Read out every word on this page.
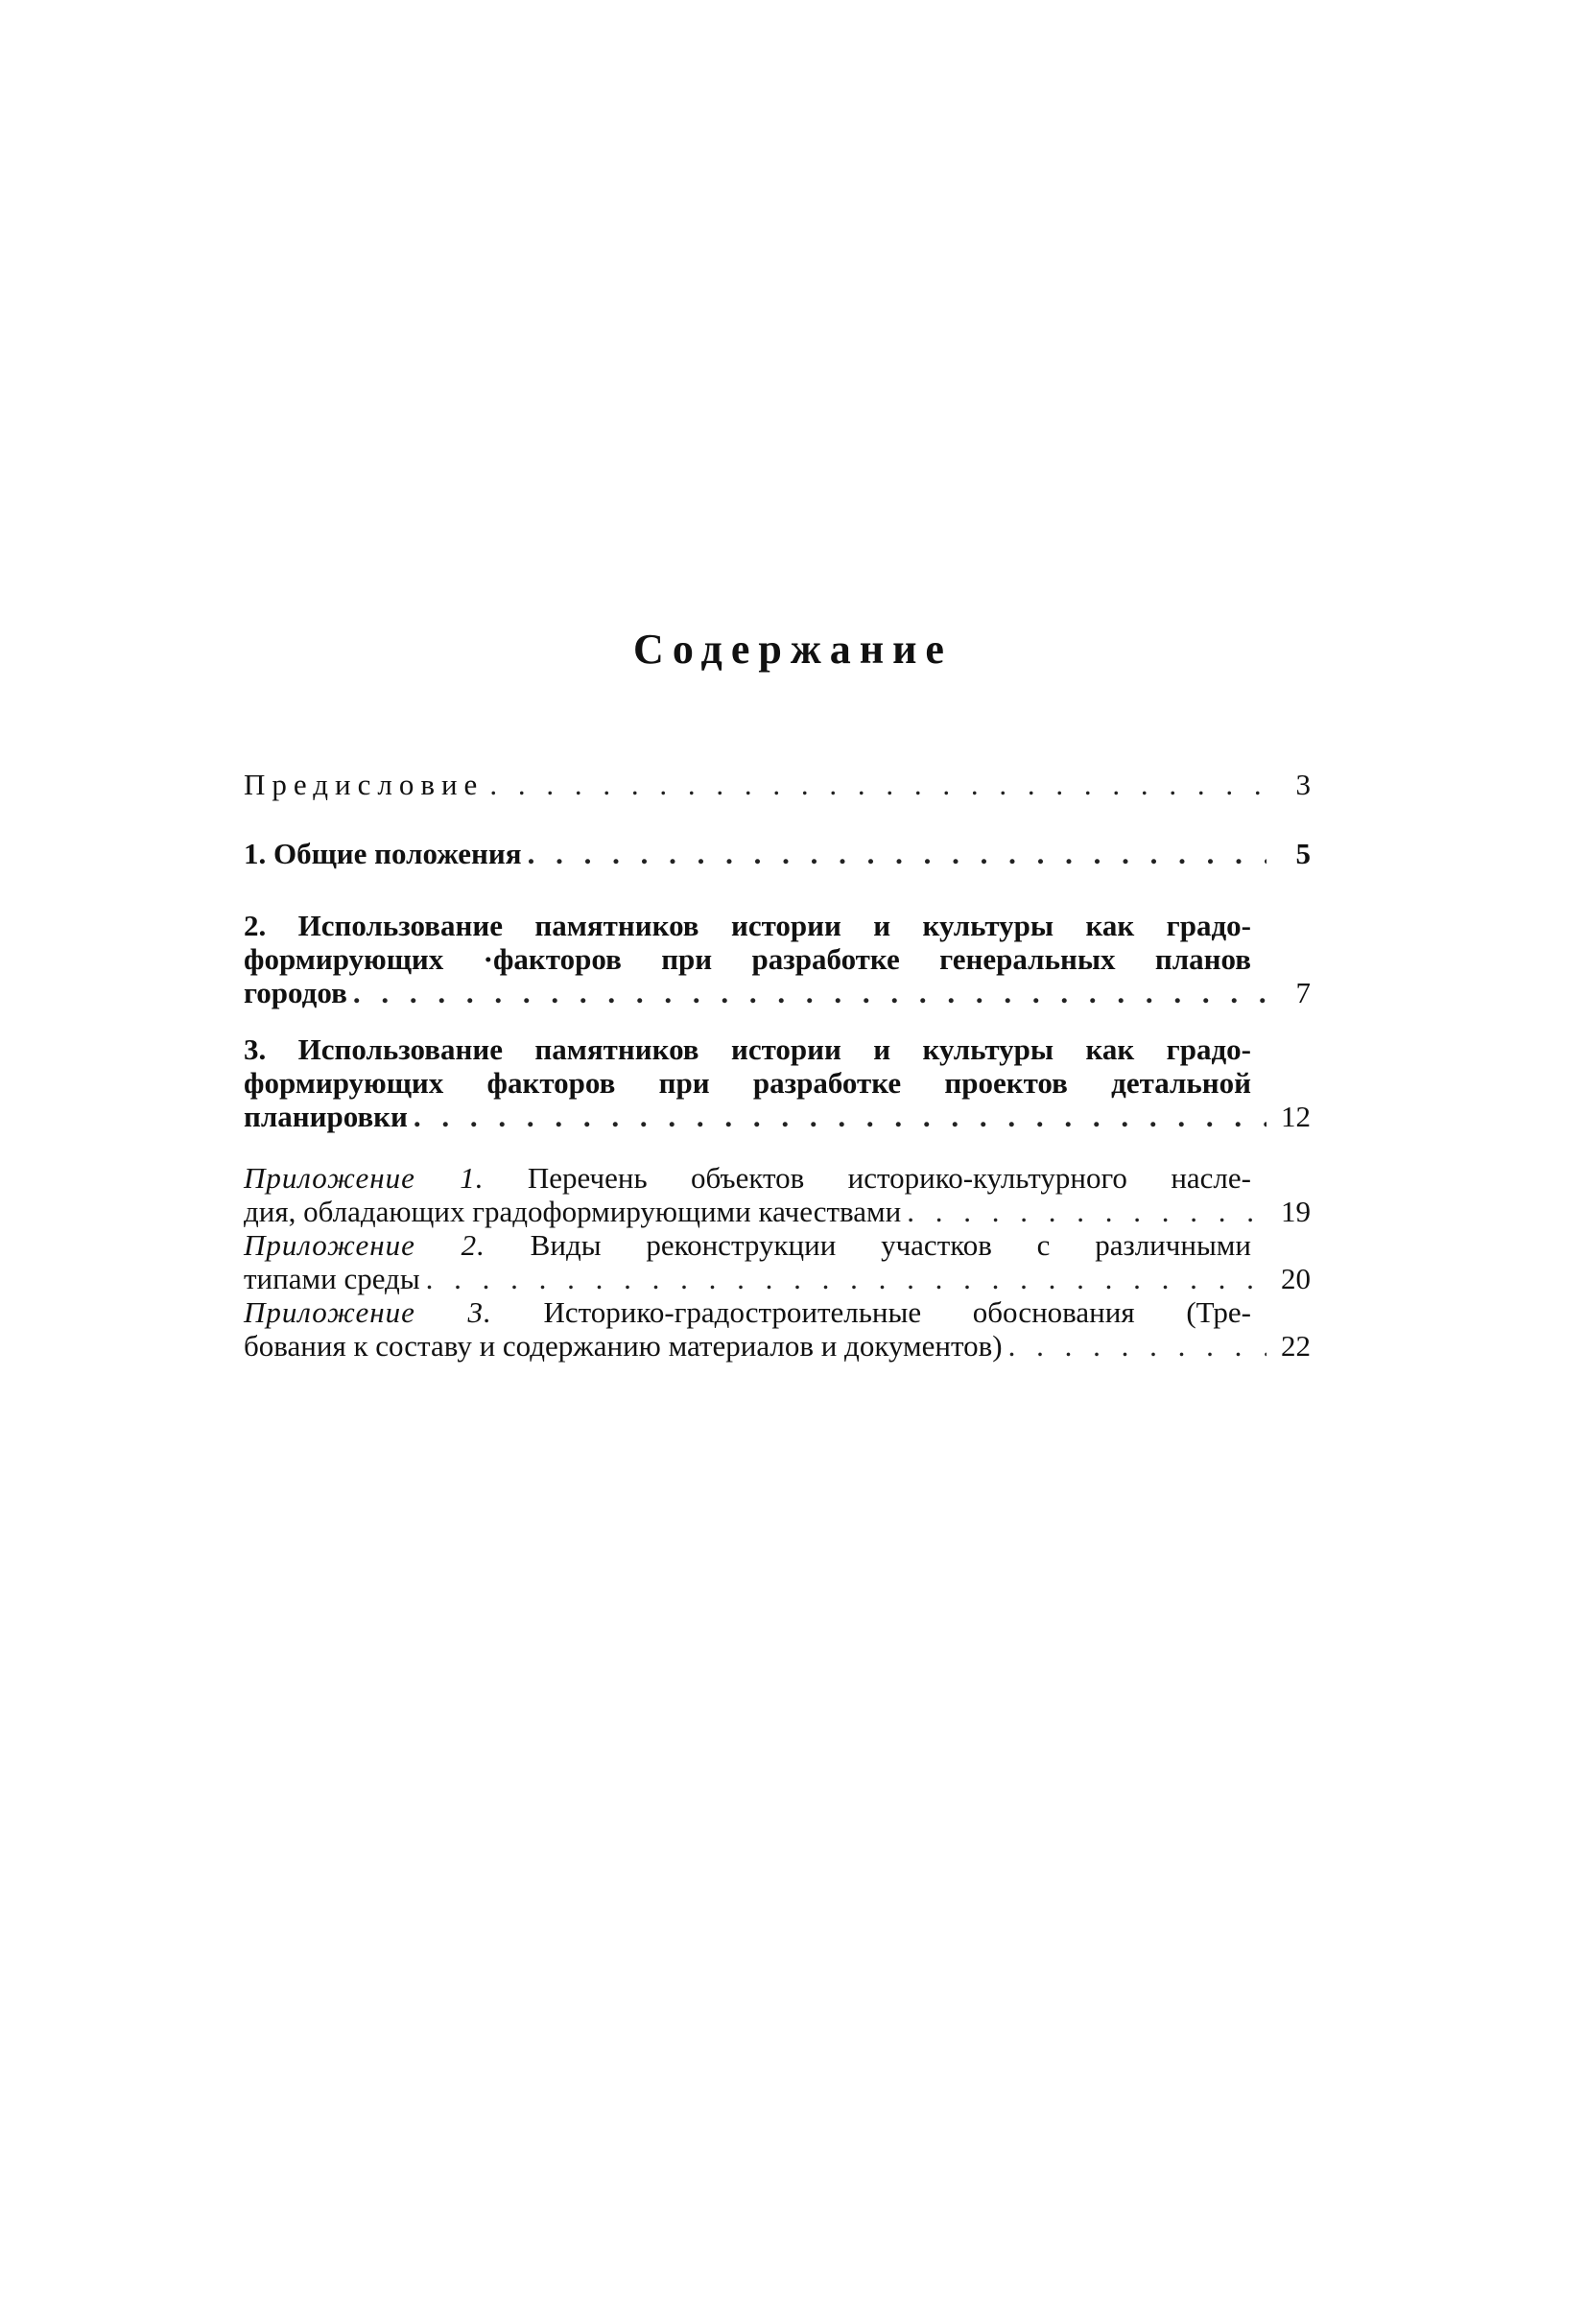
Содержание
Предисловие . . .	3
1. Общие положения . . .	5
2. Использование памятников истории и культуры как градо-
формирующих ·факторов при разработке генеральных планов
городов . . .	7
3. Использование памятников истории и культуры как градо-
формирующих факторов при разработке проектов детальной
планировки . . .	12
Приложение 1. Перечень объектов историко-культурного насле-
дия, обладающих градоформирующими качествами . . .	19
Приложение 2. Виды реконструкции участков с различными
типами среды . . .	20
Приложение 3. Историко-градостроительные обоснования (Тре-
бования к составу и содержанию материалов и документов) . . .	22
